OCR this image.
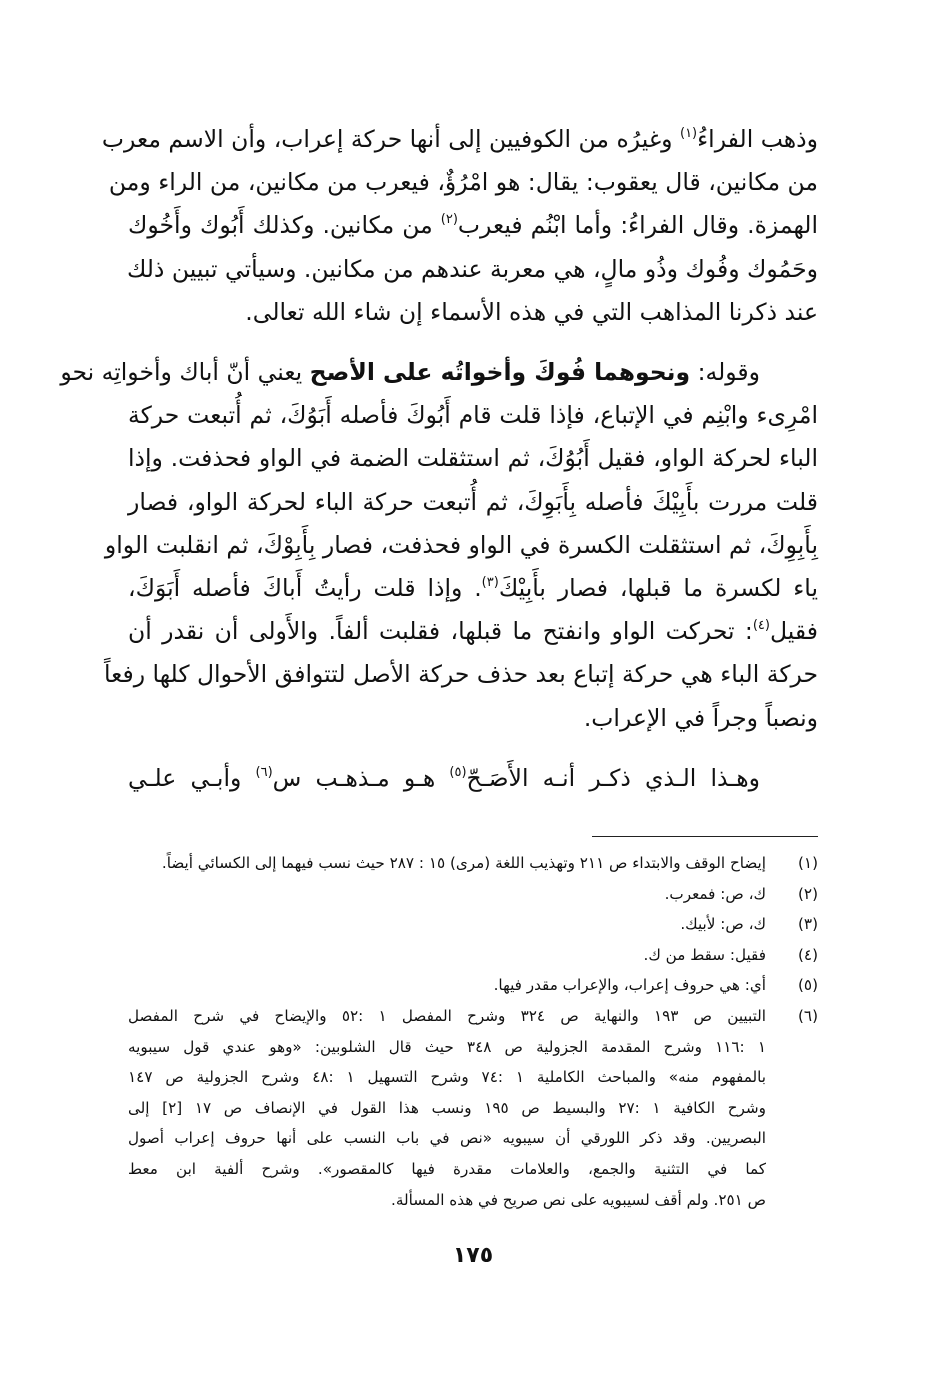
وذهب الفراءُ$^{(١)}$ وغيرُه من الكوفيين إلى أنها حركة إعراب، وأن الاسم معرب
من مكانين، قال يعقوب: يقال: هو امْرُؤٌ، فيعرب من مكانين، من الراء ومن
الهمزة. وقال الفراءُ: وأما ابْنُم فيعرب$^{(٢)}$ من مكانين. وكذلك أَبُوك وأَخُوك
وحَمُوك وفُوك وذُو مالٍ، هي معربة عندهم من مكانين. وسيأتي تبيين ذلك
عند ذكرنا المذاهب التي في هذه الأسماء إن شاء الله تعالى.

وقوله: ونحوهما فُوكَ وأخواتُه على الأصح يعني أنّ أباك وأخواتِه نحو
امْرِىء وابْنِم في الإتباع، فإذا قلت قام أَبُوكَ فأصله أَبَوُكَ، ثم أُتبعت حركة
الباء لحركة الواو، فقيل أَبُوُكَ، ثم استثقلت الضمة في الواو فحذفت. وإذا
قلت مررت بأَبِيْكَ فأصله بِأَبَوِكَ، ثم أُتبعت حركة الباء لحركة الواو، فصار
بِأَبِوِكَ، ثم استثقلت الكسرة في الواو فحذفت، فصار بِأَبِوْكَ، ثم انقلبت الواو
ياء لكسرة ما قبلها، فصار بأَبِيْكَ$^{(٣)}$. وإذا قلت رأيتُ أَباكَ فأصله أَبَوَكَ،
فقيل$^{(٤)}$: تحركت الواو وانفتح ما قبلها، فقلبت ألفاً. والأَولى أن نقدر أن
حركة الباء هي حركة إتباع بعد حذف حركة الأصل لتتوافق الأحوال كلها رفعاً
ونصباً وجراً في الإعراب.

وهـذا الـذي ذكـر أنـه الأَصَـحّ$^{(٥)}$ هـو مـذهـب س$^{(٦)}$ وأبـي علـي

(١)
إيضاح الوقف والابتداء ص ٢١١ وتهذيب اللغة (مرى) ١٥ : ٢٨٧ حيث نسب فيهما إلى الكسائي أيضاً.
(٢)
ك، ص: فمعرب.
(٣)
ك، ص: لأبيك.
(٤)
فقيل: سقط من ك.
(٥)
أي: هي حروف إعراب، والإعراب مقدر فيها.
(٦)
التبيين ص ١٩٣ والنهاية ص ٣٢٤ وشرح المفصل ١ :٥٢ والإيضاح في شرح المفصل
١ :١١٦ وشرح المقدمة الجزولية ص ٣٤٨ حيث قال الشلوبين: «وهو عندي قول سيبويه
بالمفهوم منه» والمباحث الكاملية ١ :٧٤ وشرح التسهيل ١ :٤٨ وشرح الجزولية ص ١٤٧
وشرح الكافية ١ :٢٧ والبسيط ص ١٩٥ ونسب هذا القول في الإنصاف ص ١٧ [٢] إلى
البصريين. وقد ذكر اللورقي أن سيبويه «نص في باب النسب على أنها حروف إعراب أصول
كما في التثنية والجمع، والعلامات مقدرة فيها كالمقصور». وشرح ألفية ابن معط
ص ٢٥١. ولم أقف لسيبويه على نص صريح في هذه المسألة.
١٧٥
